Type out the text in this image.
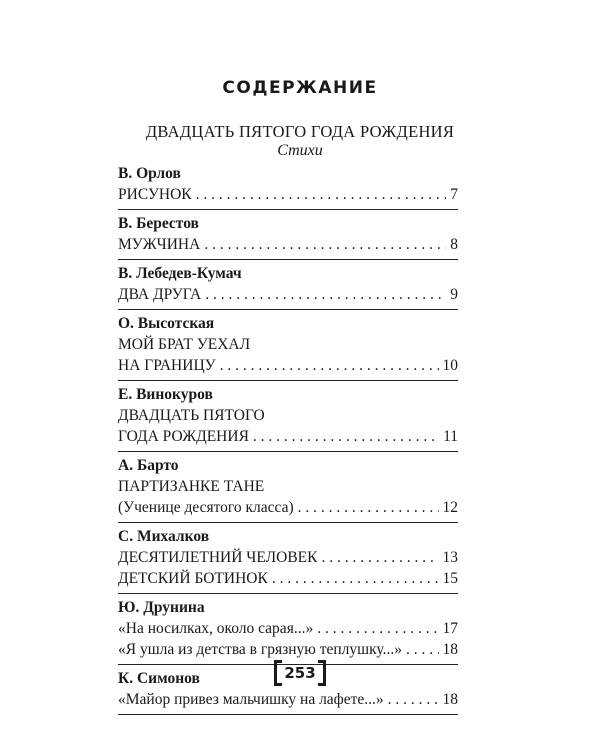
СОДЕРЖАНИЕ
ДВАДЦАТЬ ПЯТОГО ГОДА РОЖДЕНИЯ
Стихи
В. Орлов
РИСУНОК . . .	7
В. Берестов
МУЖЧИНА . . .	8
В. Лебедев-Кумач
ДВА ДРУГА . . .	9
О. Высотская
МОЙ БРАТ УЕХАЛ
НА ГРАНИЦУ . . .	10
Е. Винокуров
ДВАДЦАТЬ ПЯТОГО
ГОДА РОЖДЕНИЯ . . .	11
А. Барто
ПАРТИЗАНКЕ ТАНЕ
(Ученице десятого класса) . . .	12
С. Михалков
ДЕСЯТИЛЕТНИЙ ЧЕЛОВЕК . . .	13
ДЕТСКИЙ БОТИНОК . . .	15
Ю. Друнина
«На носилках, около сарая...» . . .	17
«Я ушла из детства в грязную теплушку...» . . .	18
К. Симонов
«Майор привез мальчишку на лафете...» . . .	18
253
